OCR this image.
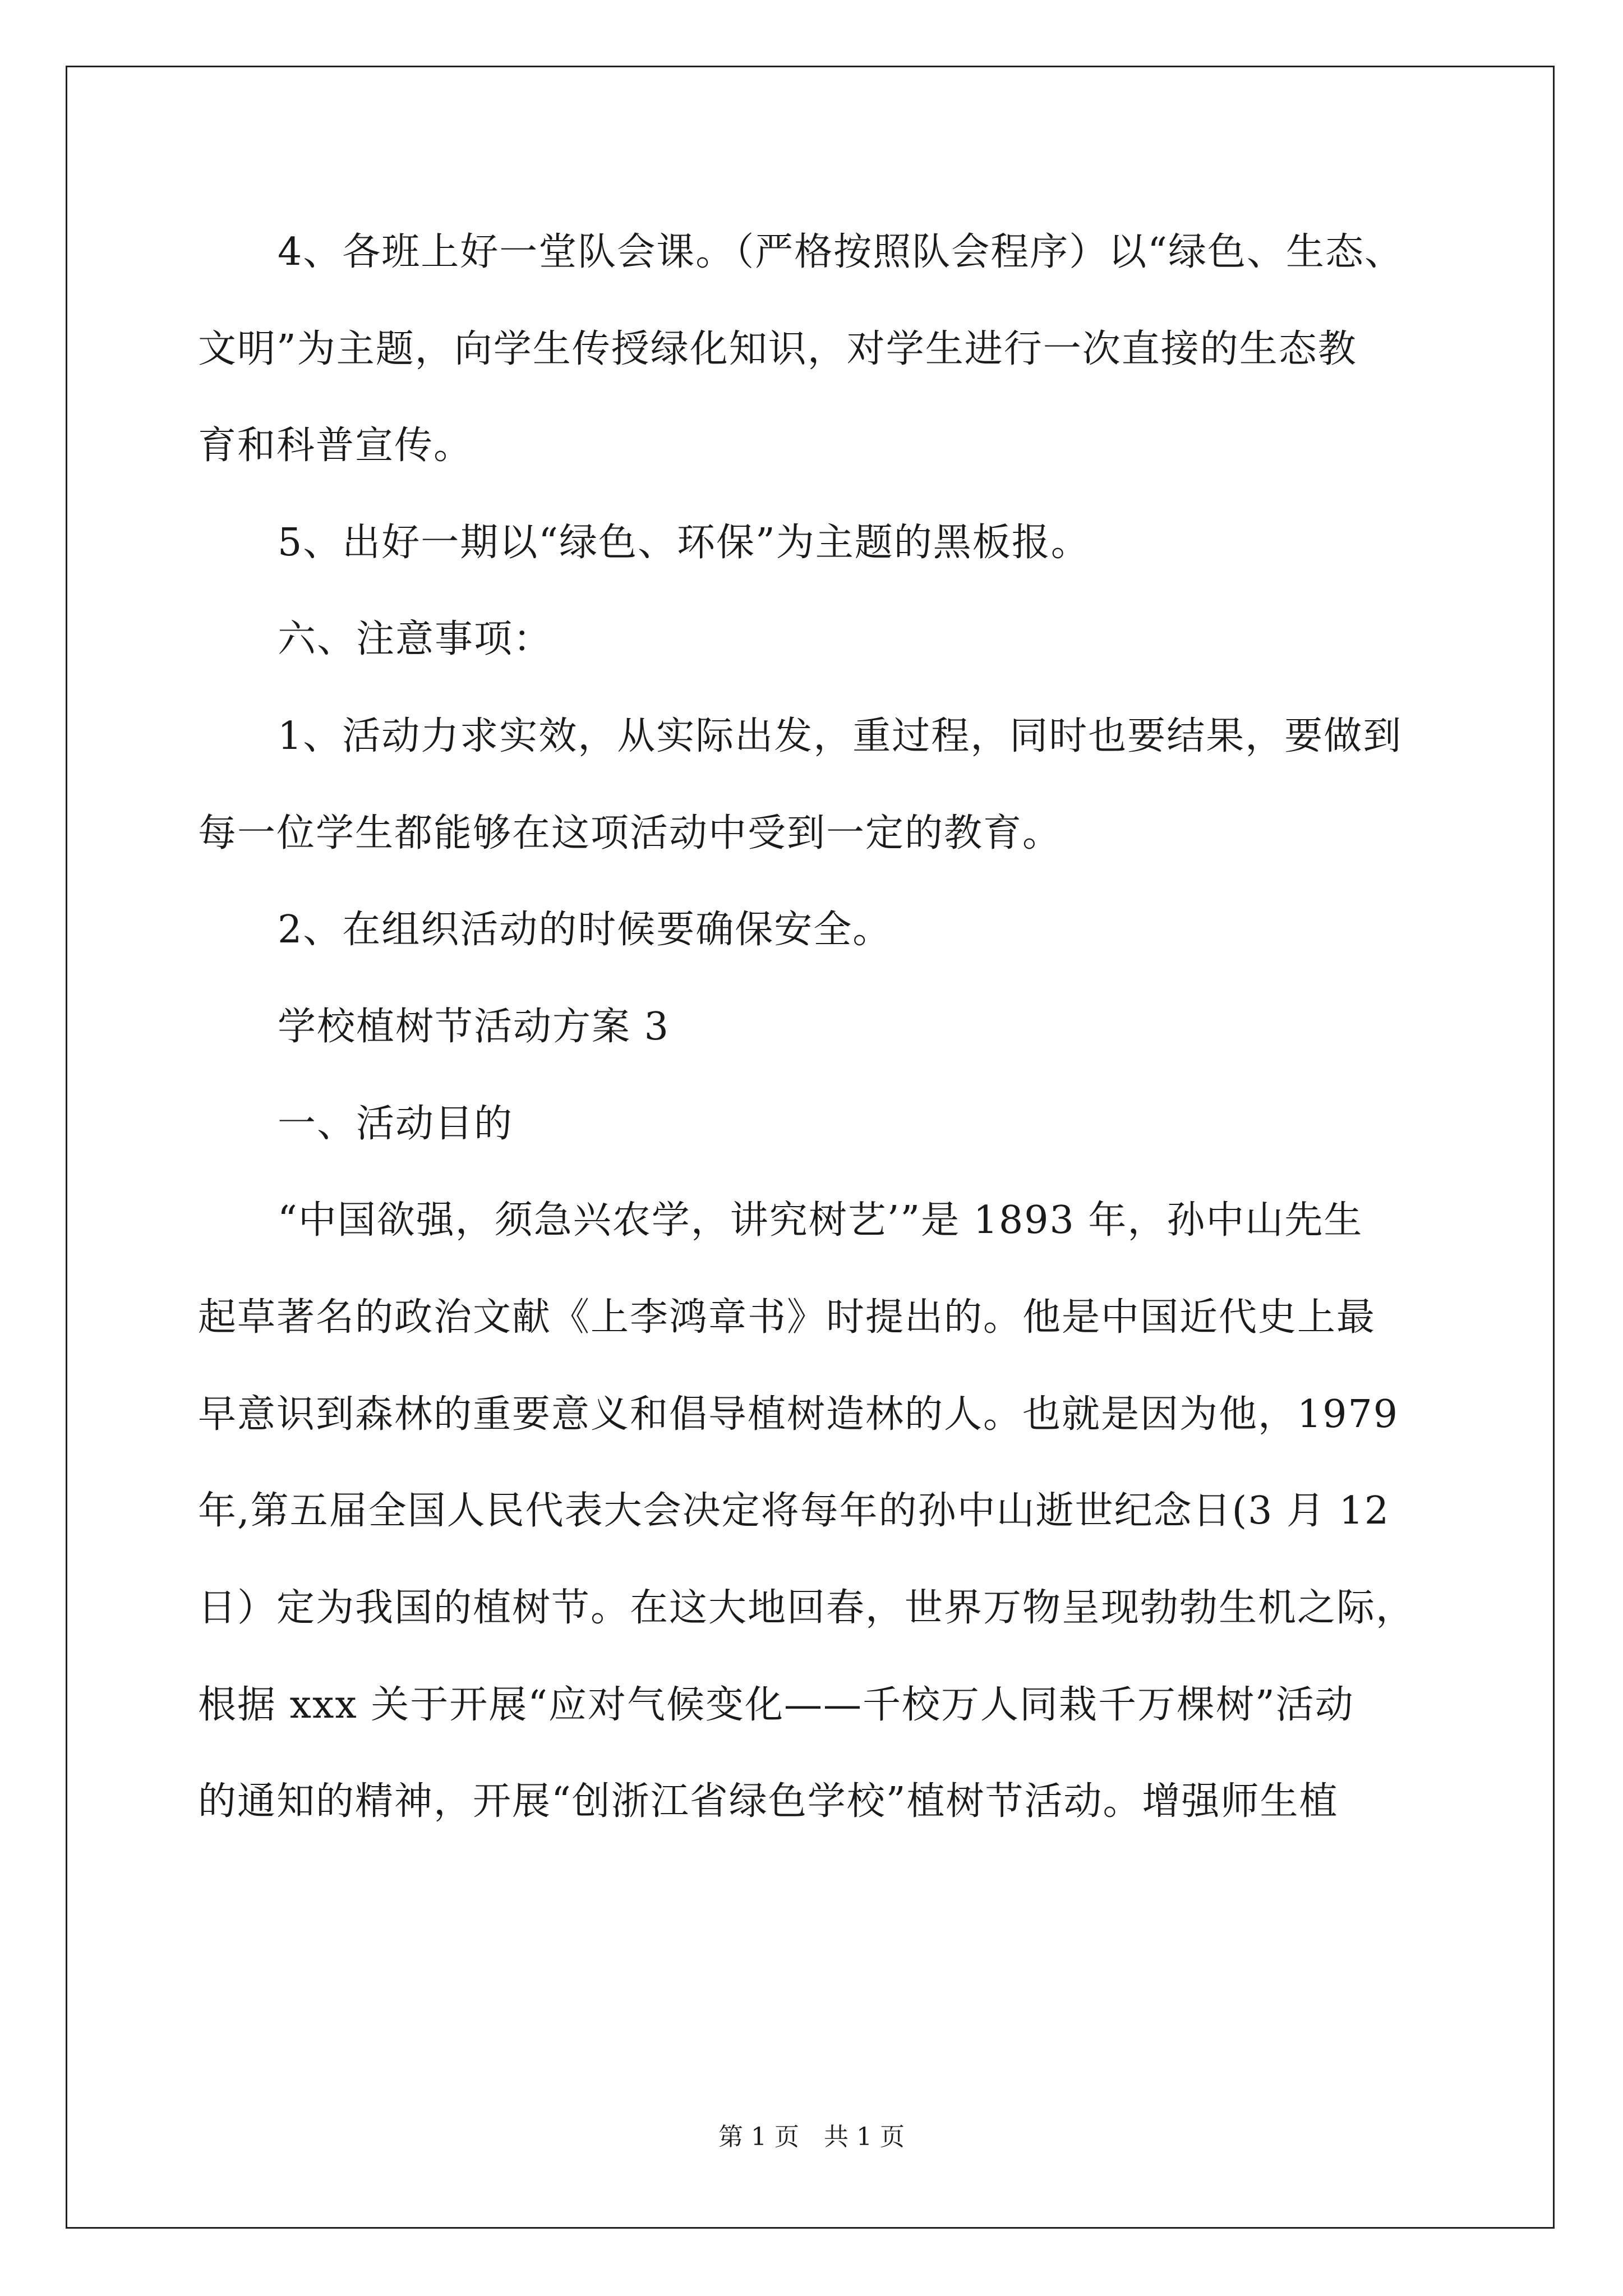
4、各班上好一堂队会课。（严格按照队会程序）以“绿色、生态、

文明”为主题，向学生传授绿化知识，对学生进行一次直接的生态教

育和科普宣传。

5、出好一期以“绿色、环保”为主题的黑板报。

六、注意事项：

1、活动力求实效，从实际出发，重过程，同时也要结果，要做到

每一位学生都能够在这项活动中受到一定的教育。

2、在组织活动的时候要确保安全。

学校植树节活动方案 3

一、活动目的

“中国欲强，须急兴农学，讲究树艺’”是 1893 年，孙中山先生

起草著名的政治文献《上李鸿章书》时提出的。他是中国近代史上最

早意识到森林的重要意义和倡导植树造林的人。也就是因为他，1979

年,第五届全国人民代表大会决定将每年的孙中山逝世纪念日(3 月 12

日）定为我国的植树节。在这大地回春，世界万物呈现勃勃生机之际，

根据 xxx 关于开展“应对气候变化——千校万人同栽千万棵树”活动

的通知的精神，开展“创浙江省绿色学校”植树节活动。增强师生植

第 1 页　共 1 页
